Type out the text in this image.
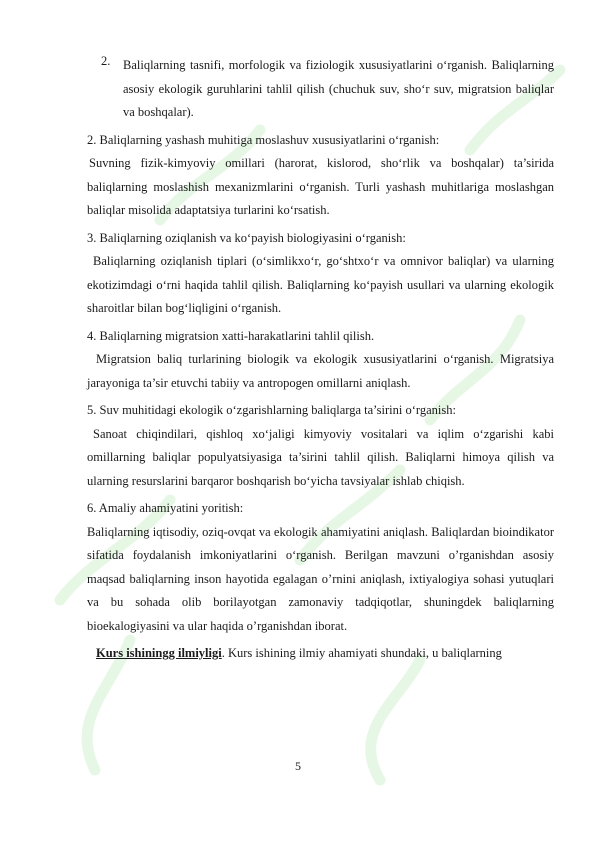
2.	Baliqlarning tasnifi, morfologik va fiziologik xususiyatlarini o‘rganish. Baliqlarning asosiy ekologik guruhlarini tahlil qilish (chuchuk suv, sho‘r suv, migratsion baliqlar va boshqalar).

2. Baliqlarning yashash muhitiga moslashuv xususiyatlarini o‘rganish:

Suvning fizik-kimyoviy omillari (harorat, kislorod, sho‘rlik va boshqalar) ta’sirida baliqlarning moslashish mexanizmlarini o‘rganish. Turli yashash muhitlariga moslashgan baliqlar misolida adaptatsiya turlarini ko‘rsatish.

3. Baliqlarning oziqlanish va ko‘payish biologiyasini o‘rganish:

Baliqlarning oziqlanish tiplari (o‘simlikxo‘r, go‘shtxo‘r va omnivor baliqlar) va ularning ekotizimdagi o‘rni haqida tahlil qilish. Baliqlarning ko‘payish usullari va ularning ekologik sharoitlar bilan bog‘liqligini o‘rganish.

4. Baliqlarning migratsion xatti-harakatlarini tahlil qilish.

Migratsion baliq turlarining biologik va ekologik xususiyatlarini o‘rganish. Migratsiya jarayoniga ta’sir etuvchi tabiiy va antropogen omillarni aniqlash.

5. Suv muhitidagi ekologik o‘zgarishlarning baliqlarga ta’sirini o‘rganish:

Sanoat chiqindilari, qishloq xo‘jaligi kimyoviy vositalari va iqlim o‘zgarishi kabi omillarning baliqlar populyatsiyasiga ta’sirini tahlil qilish. Baliqlarni himoya qilish va ularning resurslarini barqaror boshqarish bo‘yicha tavsiyalar ishlab chiqish.

6. Amaliy ahamiyatini yoritish:

Baliqlarning iqtisodiy, oziq-ovqat va ekologik ahamiyatini aniqlash. Baliqlardan bioindikator sifatida foydalanish imkoniyatlarini o‘rganish. Berilgan mavzuni o’rganishdan asosiy maqsad baliqlarning inson hayotida egalagan o’rnini aniqlash, ixtiyalogiya sohasi yutuqlari va bu sohada olib borilayotgan zamonaviy tadqiqotlar, shuningdek baliqlarning bioekalogiyasini va ular haqida o’rganishdan iborat.

Kurs ishiningg ilmiyligi. Kurs ishining ilmiy ahamiyati shundaki, u baliqlarning

5
